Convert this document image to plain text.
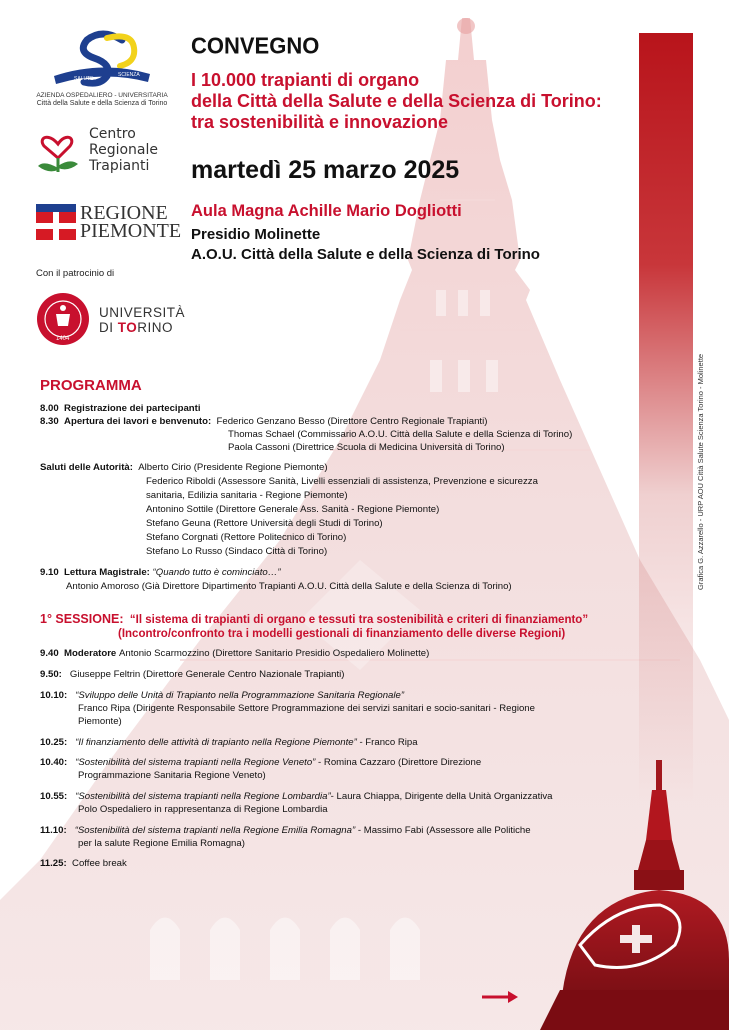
Grafica G. Azzarello - URP AOU Città Salute Scienza Torino - Molinette
SALUTE
SCIENZA
AZIENDA OSPEDALIERO - UNIVERSITARIA
Città della Salute e della Scienza di Torino
Centro
Regionale
Trapianti
REGIONE
PIEMONTE
Con il patrocinio di
1404
UNIVERSITÀ
DI TORINO
CONVEGNO
I 10.000 trapianti di organo
della Città della Salute e della Scienza di Torino:
tra sostenibilità e innovazione
martedì 25 marzo 2025
Aula Magna Achille Mario Dogliotti
Presidio Molinette
A.O.U. Città della Salute e della Scienza di Torino
PROGRAMMA
8.00 Registrazione dei partecipanti
8.30 Apertura dei lavori e benvenuto: Federico Genzano Besso (Direttore Centro Regionale Trapianti)
Thomas Schael (Commissario A.O.U. Città della Salute e della Scienza di Torino)
Paola Cassoni (Direttrice Scuola di Medicina Università di Torino)
Saluti delle Autorità: Alberto Cirio (Presidente Regione Piemonte)
Federico Riboldi (Assessore Sanità, Livelli essenziali di assistenza, Prevenzione e sicurezza
sanitaria, Edilizia sanitaria - Regione Piemonte)
Antonino Sottile (Direttore Generale Ass. Sanità - Regione Piemonte)
Stefano Geuna (Rettore Università degli Studi di Torino)
Stefano Corgnati (Rettore Politecnico di Torino)
Stefano Lo Russo (Sindaco Città di Torino)
9.10 Lettura Magistrale: “Quando tutto è cominciato…”
Antonio Amoroso (Già Direttore Dipartimento Trapianti A.O.U. Città della Salute e della Scienza di Torino)
1° SESSIONE: “Il sistema di trapianti di organo e tessuti tra sostenibilità e criteri di finanziamento”
(Incontro/confronto tra i modelli gestionali di finanziamento delle diverse Regioni)
9.40 Moderatore Antonio Scarmozzino (Direttore Sanitario Presidio Ospedaliero Molinette)
9.50: Giuseppe Feltrin (Direttore Generale Centro Nazionale Trapianti)
10.10: “Sviluppo delle Unità di Trapianto nella Programmazione Sanitaria Regionale”
Franco Ripa (Dirigente Responsabile Settore Programmazione dei servizi sanitari e socio-sanitari - Regione
Piemonte)
10.25: “Il finanziamento delle attività di trapianto nella Regione Piemonte” - Franco Ripa
10.40: “Sostenibilità del sistema trapianti nella Regione Veneto” - Romina Cazzaro (Direttore Direzione
Programmazione Sanitaria Regione Veneto)
10.55: “Sostenibilità del sistema trapianti nella Regione Lombardia”- Laura Chiappa, Dirigente della Unità Organizzativa
Polo Ospedaliero in rappresentanza di Regione Lombardia
11.10: “Sostenibilità del sistema trapianti nella Regione Emilia Romagna” - Massimo Fabi (Assessore alle Politiche
per la salute Regione Emilia Romagna)
11.25: Coffee break
